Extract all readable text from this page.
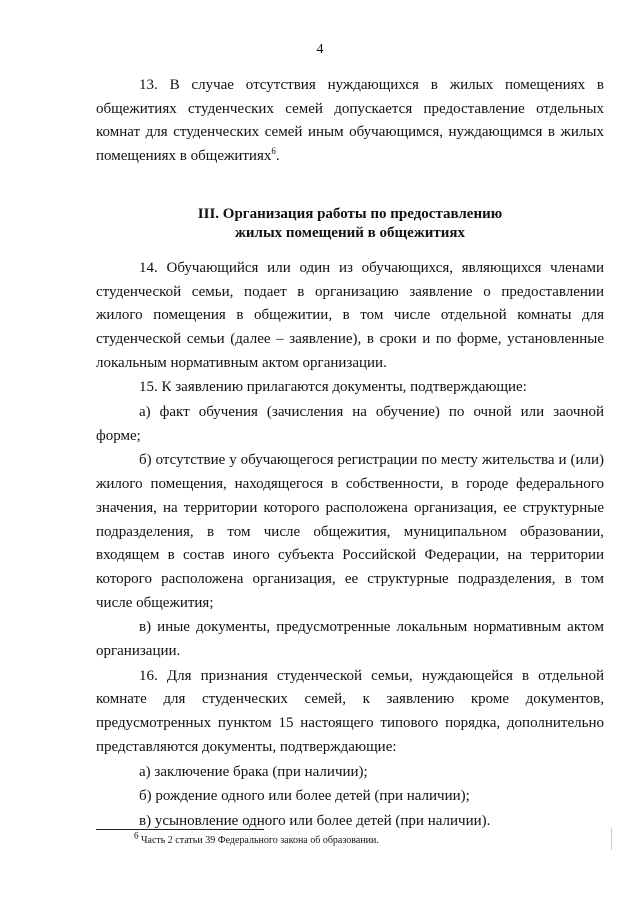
4

13. В случае отсутствия нуждающихся в жилых помещениях в общежитиях студенческих семей допускается предоставление отдельных комнат для студенческих семей иным обучающимся, нуждающимся в жилых помещениях в общежитиях$^6$.

III. Организация работы по предоставлению
жилых помещений в общежитиях

14. Обучающийся или один из обучающихся, являющихся членами студенческой семьи, подает в организацию заявление о предоставлении жилого помещения в общежитии, в том числе отдельной комнаты для студенческой семьи (далее – заявление), в сроки и по форме, установленные локальным нормативным актом организации.

15. К заявлению прилагаются документы, подтверждающие:

а) факт обучения (зачисления на обучение) по очной или заочной форме;

б) отсутствие у обучающегося регистрации по месту жительства и (или) жилого помещения, находящегося в собственности, в городе федерального значения, на территории которого расположена организация, ее структурные подразделения, в том числе общежития, муниципальном образовании, входящем в состав иного субъекта Российской Федерации, на территории которого расположена организация, ее структурные подразделения, в том числе общежития;

в) иные документы, предусмотренные локальным нормативным актом организации.

16. Для признания студенческой семьи, нуждающейся в отдельной комнате для студенческих семей, к заявлению кроме документов, предусмотренных пунктом 15 настоящего типового порядка, дополнительно представляются документы, подтверждающие:

а) заключение брака (при наличии);

б) рождение одного или более детей (при наличии);

в) усыновление одного или более детей (при наличии).

$^6$ Часть 2 статьи 39 Федерального закона об образовании.
